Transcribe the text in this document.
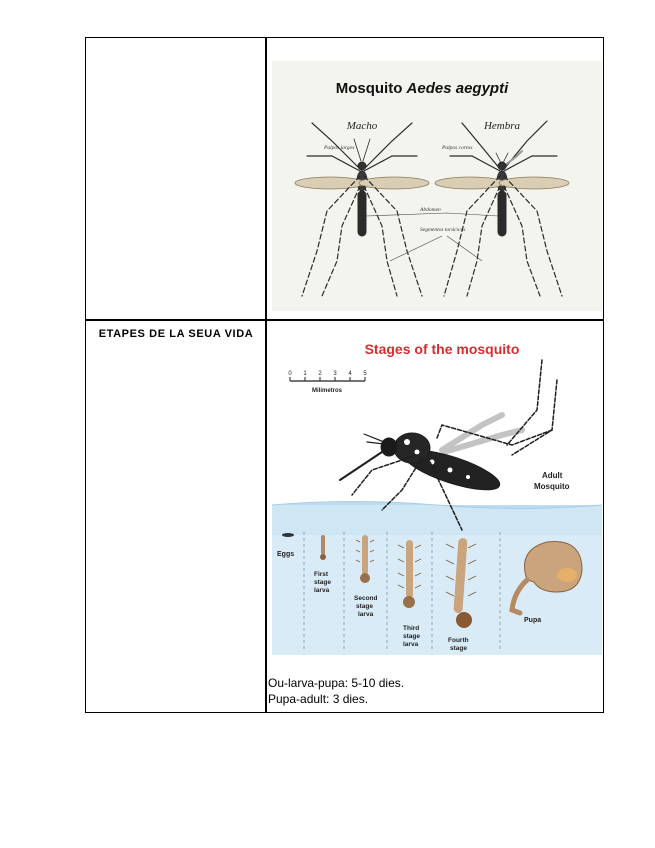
Mosquito Aedes aegypti
Macho
Palpos largos
Hembra
Palpos cortos
Abdomen
Segmentos torácicos
ETAPES DE LA SEUA VIDA
Stages of the mosquito
0 1 2 3 4 5
Milimetros
Adult
Mosquito
Eggs
First
stage
larva
Second
stage
larva
Third
stage
larva
Fourth
stage
Pupa
Ou-larva-pupa: 5-10 dies.
Pupa-adult: 3 dies.
